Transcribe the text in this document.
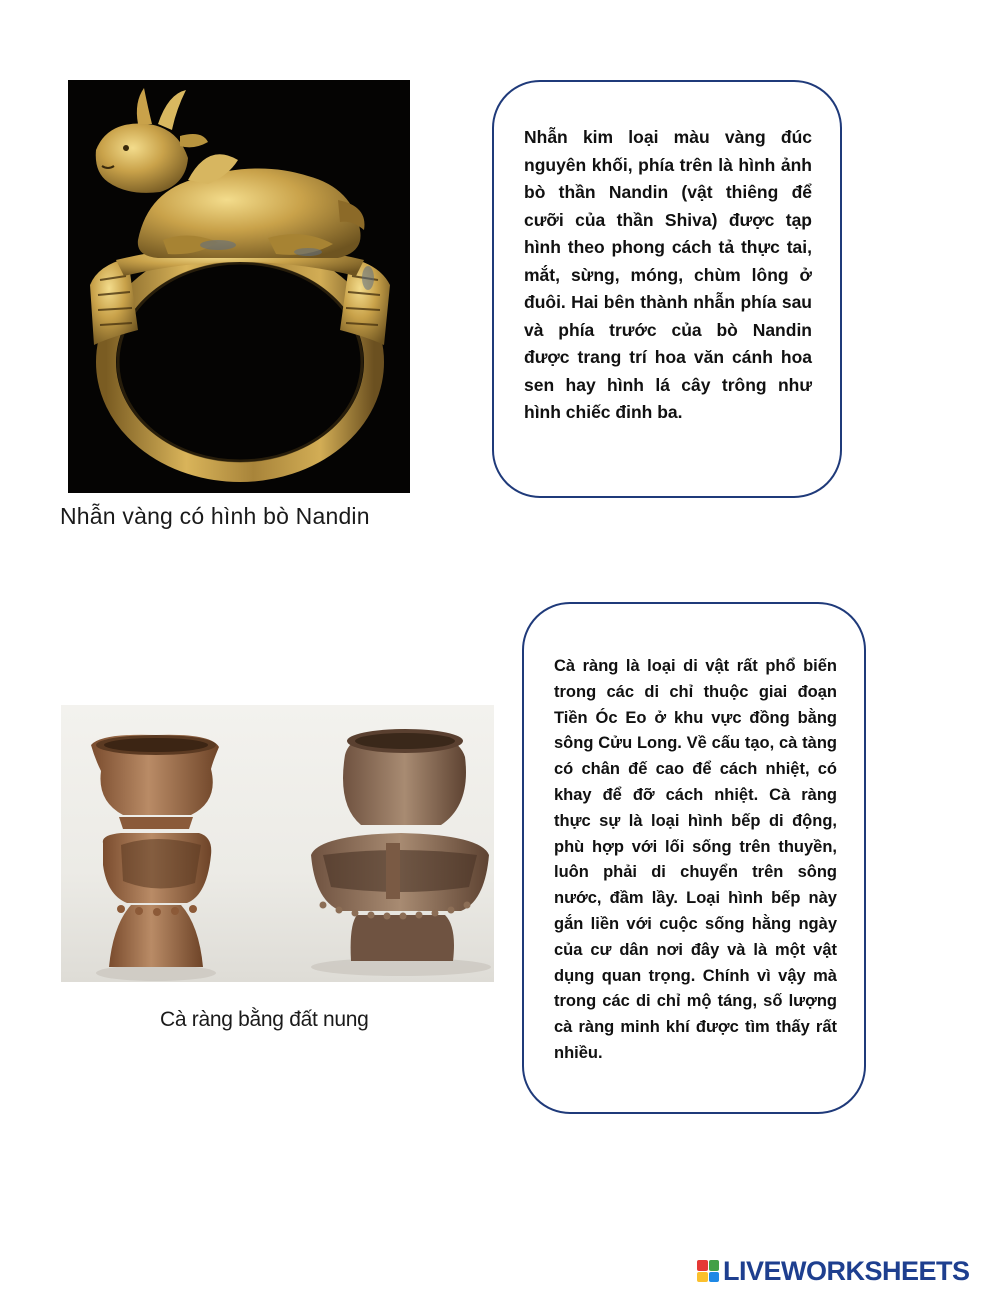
Nhẫn vàng có hình bò Nandin

Nhẫn kim loại màu vàng đúc nguyên khối, phía trên là hình ảnh bò thần Nandin (vật thiêng để cưỡi của thần Shiva) được tạp hình theo phong cách tả thực tai, mắt, sừng, móng, chùm lông ở đuôi. Hai bên thành nhẫn phía sau và phía trước của bò Nandin được trang trí hoa văn cánh hoa sen hay hình lá cây trông như hình chiếc đinh ba.

Cà ràng bằng đất nung

Cà ràng là loại di vật rất phổ biến trong các di chỉ thuộc giai đoạn Tiền Óc Eo ở khu vực đồng bằng sông Cửu Long. Về cấu tạo, cà tàng có chân đế cao để cách nhiệt, có khay để đỡ cách nhiệt. Cà ràng thực sự là loại hình bếp di động, phù hợp với lối sống trên thuyền, luôn phải di chuyển trên sông nước, đầm lầy. Loại hình bếp này gắn liền với cuộc sống hằng ngày của cư dân nơi đây và là một vật dụng quan trọng. Chính vì vậy mà trong các di chỉ mộ táng, số lượng cà ràng minh khí được tìm thấy rất nhiều.

LIVEWORKSHEETS
